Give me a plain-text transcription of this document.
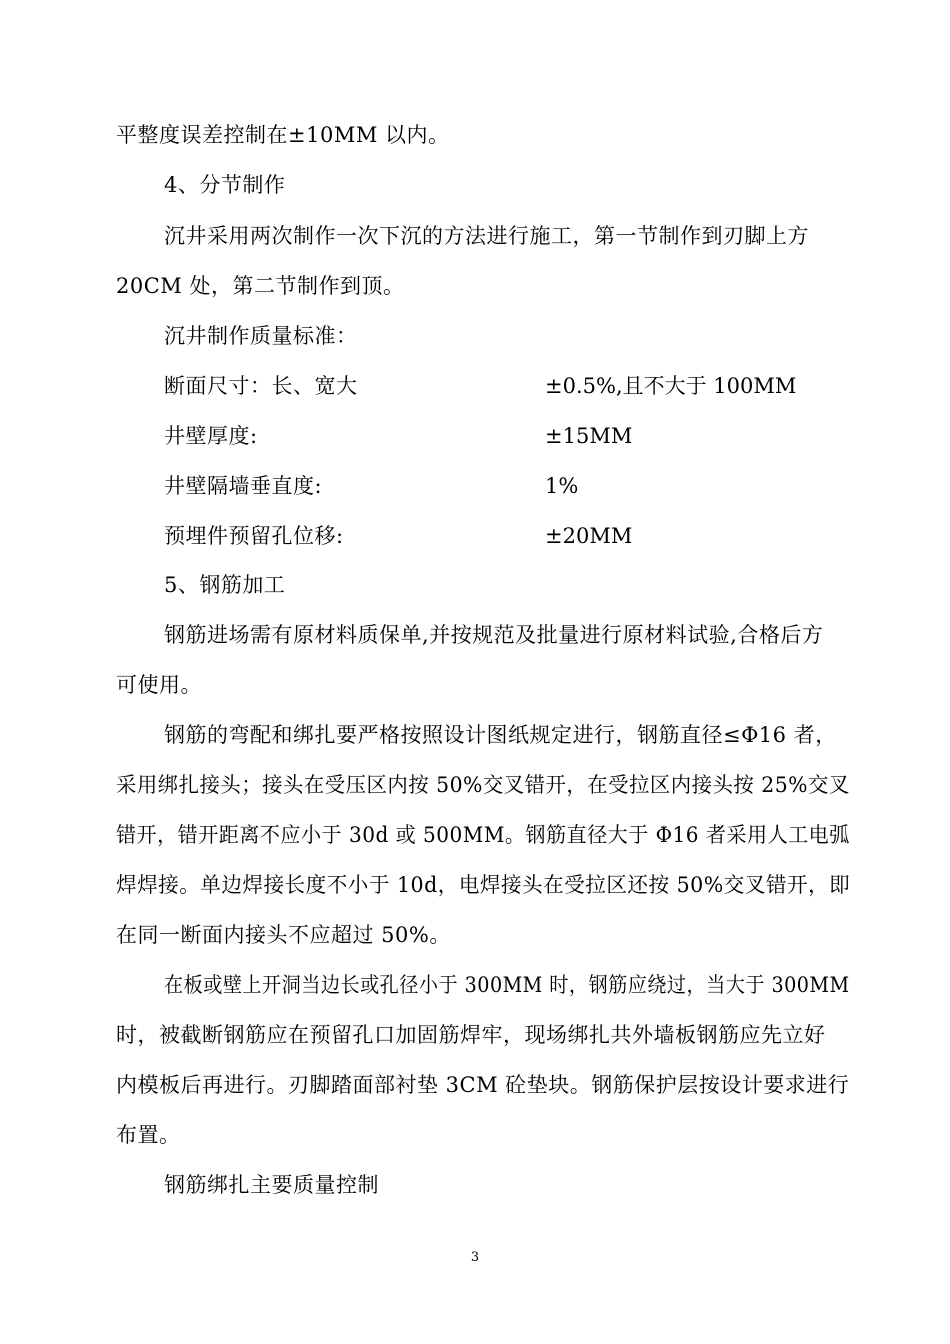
平整度误差控制在±10MM 以内。
4、分节制作
沉井采用两次制作一次下沉的方法进行施工，第一节制作到刃脚上方
20CM 处，第二节制作到顶。
沉井制作质量标准：
断面尺寸：长、宽大	±0.5%,且不大于 100MM
井壁厚度:	±15MM
井壁隔墙垂直度:	1%
预埋件预留孔位移:	±20MM
5、钢筋加工
钢筋进场需有原材料质保单,并按规范及批量进行原材料试验,合格后方
可使用。
钢筋的弯配和绑扎要严格按照设计图纸规定进行，钢筋直径≤Φ16 者，
采用绑扎接头；接头在受压区内按 50%交叉错开，在受拉区内接头按 25%交叉
错开，错开距离不应小于 30d 或 500MM。钢筋直径大于 Φ16 者采用人工电弧
焊焊接。单边焊接长度不小于 10d，电焊接头在受拉区还按 50%交叉错开，即
在同一断面内接头不应超过 50%。
在板或壁上开洞当边长或孔径小于 300MM 时，钢筋应绕过，当大于 300MM
时，被截断钢筋应在预留孔口加固筋焊牢，现场绑扎共外墙板钢筋应先立好
内模板后再进行。刃脚踏面部衬垫 3CM 砼垫块。钢筋保护层按设计要求进行
布置。
钢筋绑扎主要质量控制
3
